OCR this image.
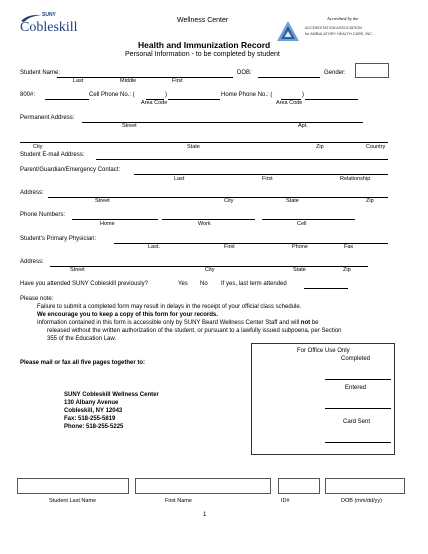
SUNY
Cobleskill	Wellness Center	Accredited by the
ACCREDITATION ASSOCIATION
for AMBULATORY HEALTH CARE, INC.
Health and Immunization Record
Personal Information - to be completed by student
Student Name:
Last	Middle	First
DOB:	Gender:
800#:	Cell Phone No.: (	)
Area Code
Home Phone No.: (	)
Area Code
Permanent Address:
Street	Apt.
City	State	Zip	Country
Student E-mail Address:
Parent/Guardian/Emergency Contact:
Last	First	Relationship
Address:
Street	City	State	Zip
Phone Numbers:
Home	Work	Cell
Student's Primary Physician:
Last.	First	Phone	Fax
Address:
Street	City	State	Zip
Have you attended SUNY Cobleskill previously?	Yes No If yes, last term attended
Please note:
Failure to submit a completed form may result in delays in the receipt of your official class schedule.
We encourage you to keep a copy of this form for your records.
Information contained in this form is accessible only by SUNY Beard Wellness Center Staff and will not be
released without the written authorization of the student, or pursuant to a lawfully issued subpoena, per Section
355 of the Education Law.
Please mail or fax all five pages together to:
SUNY Cobleskill Wellness Center
130 Albany Avenue
Cobleskill, NY 12043
Fax: 518-255-5819
Phone: 518-255-5225
For Office Use Only
Completed
Entered
Card Sent
Student Last Name	First Name	ID#	DOB (mm/dd/yy)
1
